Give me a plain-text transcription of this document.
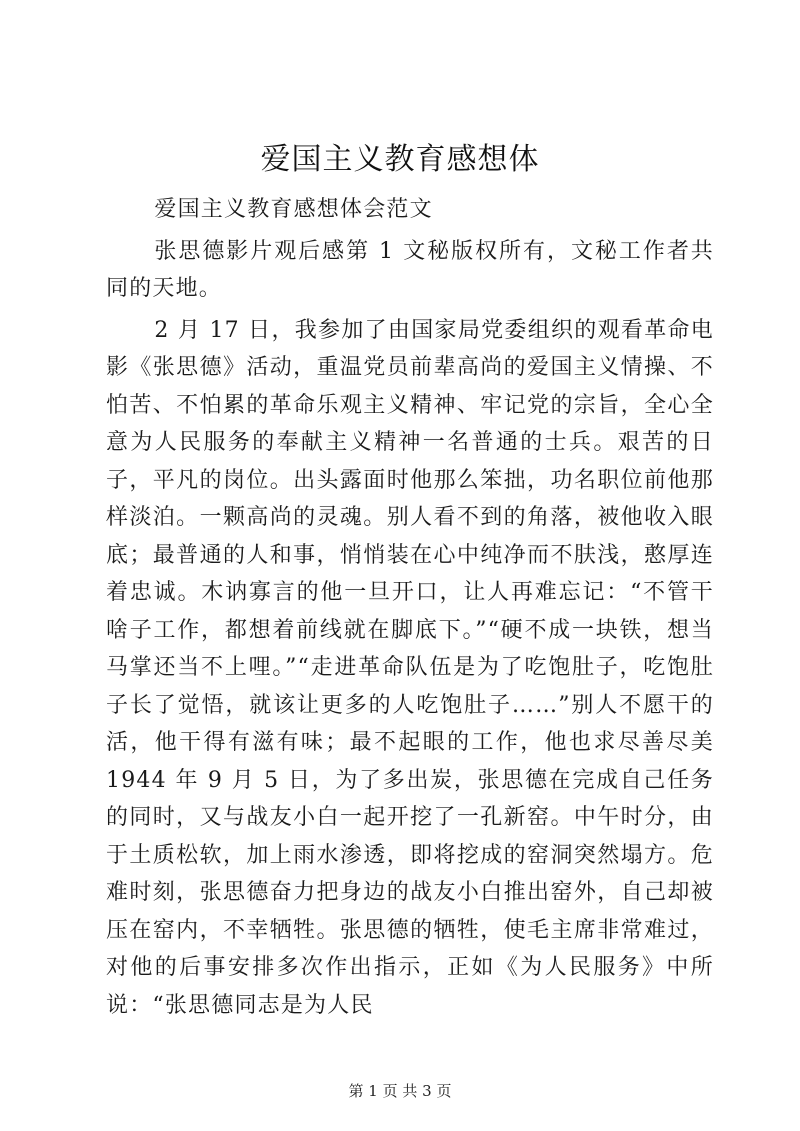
爱国主义教育感想体

爱国主义教育感想体会范文

张思德影片观后感第 1 文秘版权所有，文秘工作者共同的天地。

2 月 17 日，我参加了由国家局党委组织的观看革命电影《张思德》活动，重温党员前辈高尚的爱国主义情操、不怕苦、不怕累的革命乐观主义精神、牢记党的宗旨，全心全意为人民服务的奉献主义精神一名普通的士兵。艰苦的日子，平凡的岗位。出头露面时他那么笨拙，功名职位前他那样淡泊。一颗高尚的灵魂。别人看不到的角落，被他收入眼底；最普通的人和事，悄悄装在心中纯净而不肤浅，憨厚连着忠诚。木讷寡言的他一旦开口，让人再难忘记：“不管干啥子工作，都想着前线就在脚底下。”“硬不成一块铁，想当马掌还当不上哩。”“走进革命队伍是为了吃饱肚子，吃饱肚子长了觉悟，就该让更多的人吃饱肚子……”别人不愿干的活，他干得有滋有味；最不起眼的工作，他也求尽善尽美 1944 年 9 月 5 日，为了多出炭，张思德在完成自己任务的同时，又与战友小白一起开挖了一孔新窑。中午时分，由于土质松软，加上雨水渗透，即将挖成的窑洞突然塌方。危难时刻，张思德奋力把身边的战友小白推出窑外，自己却被压在窑内，不幸牺牲。张思德的牺牲，使毛主席非常难过，对他的后事安排多次作出指示，正如《为人民服务》中所说：“张思德同志是为人民

第 1 页 共 3 页
